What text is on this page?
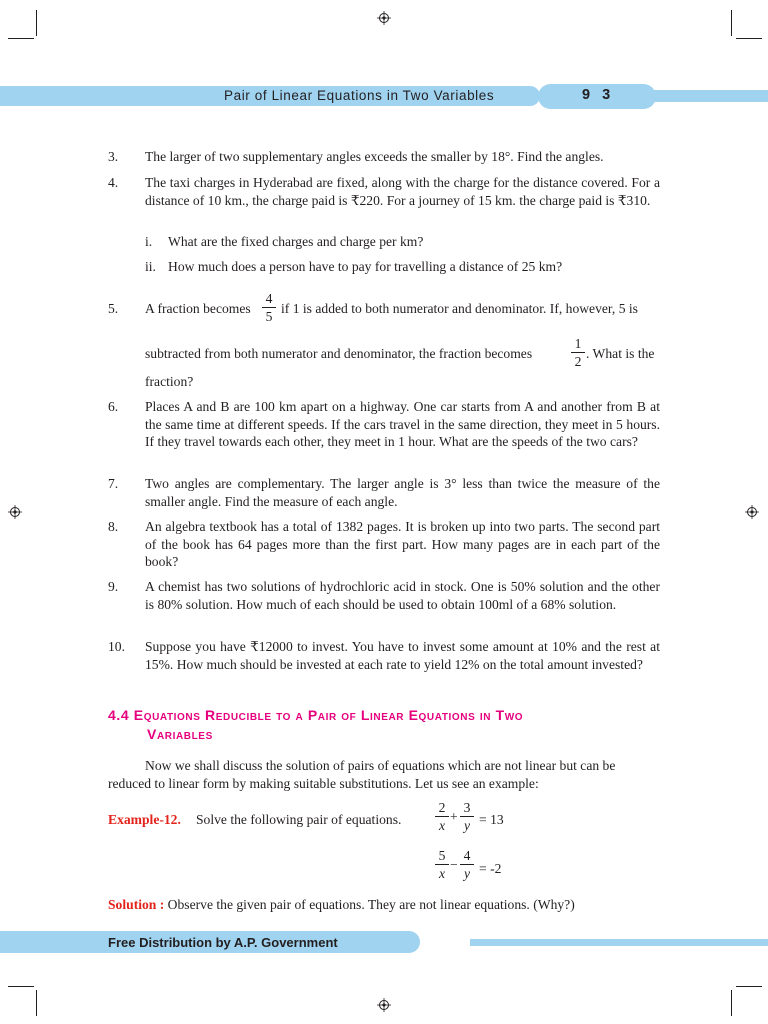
Pair of Linear Equations in Two Variables	9 3
3. The larger of two supplementary angles exceeds the smaller by 18°. Find the angles.
4. The taxi charges in Hyderabad are fixed, along with the charge for the distance covered. For a distance of 10 km., the charge paid is ₹220. For a journey of 15 km. the charge paid is ₹310.
i. What are the fixed charges and charge per km?
ii. How much does a person have to pay for travelling a distance of 25 km?
5. A fraction becomes
4
5
if 1 is added to both numerator and denominator. If, however, 5 is
subtracted from both numerator and denominator, the fraction becomes
1
2
. What is the
fraction?
6. Places A and B are 100 km apart on a highway. One car starts from A and another from B at the same time at different speeds. If the cars travel in the same direction, they meet in 5 hours. If they travel towards each other, they meet in 1 hour. What are the speeds of the two cars?
7. Two angles are complementary. The larger angle is 3° less than twice the measure of the smaller angle. Find the measure of each angle.
8. An algebra textbook has a total of 1382 pages. It is broken up into two parts. The second part of the book has 64 pages more than the first part. How many pages are in each part of the book?
9. A chemist has two solutions of hydrochloric acid in stock. One is 50% solution and the other is 80% solution. How much of each should be used to obtain 100ml of a 68% solution.
10. Suppose you have ₹12000 to invest. You have to invest some amount at 10% and the rest at 15%. How much should be invested at each rate to yield 12% on the total amount invested?
4.4 Equations Reducible to a Pair of Linear Equations in Two
Variables
Now we shall discuss the solution of pairs of equations which are not linear but can be
reduced to linear form by making suitable substitutions. Let us see an example:
Example-12. Solve the following pair of equations.
2
x
+
3
y = 13
5
x
−
4
y = -2
Solution : Observe the given pair of equations. They are not linear equations. (Why?)
Free Distribution by A.P. Government
